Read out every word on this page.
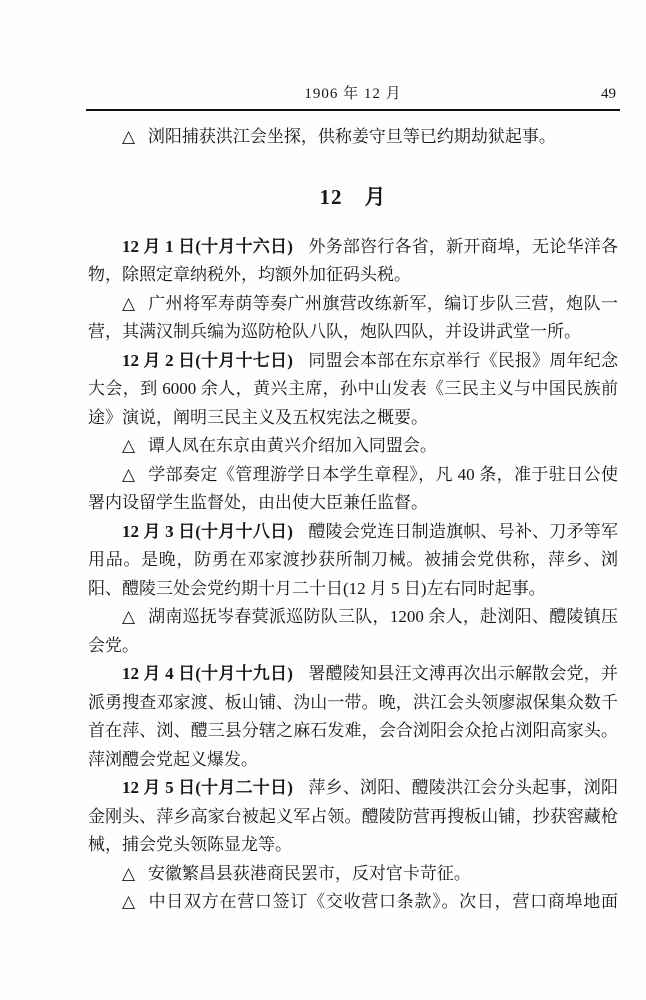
1906 年 12 月	49

△ 浏阳捕获洪江会坐探，供称姜守旦等已约期劫狱起事。

12　月

12 月 1 日(十月十六日) 外务部咨行各省，新开商埠，无论华洋各物，除照定章纳税外，均额外加征码头税。

△ 广州将军寿荫等奏广州旗营改练新军，编订步队三营，炮队一营，其满汉制兵编为巡防枪队八队，炮队四队，并设讲武堂一所。

12 月 2 日(十月十七日) 同盟会本部在东京举行《民报》周年纪念大会，到 6000 余人，黄兴主席，孙中山发表《三民主义与中国民族前途》演说，阐明三民主义及五权宪法之概要。

△ 谭人凤在东京由黄兴介绍加入同盟会。

△ 学部奏定《管理游学日本学生章程》，凡 40 条，准于驻日公使署内设留学生监督处，由出使大臣兼任监督。

12 月 3 日(十月十八日) 醴陵会党连日制造旗帜、号补、刀矛等军用品。是晚，防勇在邓家渡抄获所制刀械。被捕会党供称，萍乡、浏阳、醴陵三处会党约期十月二十日(12 月 5 日)左右同时起事。

△ 湖南巡抚岑春蓂派巡防队三队，1200 余人，赴浏阳、醴陵镇压会党。

12 月 4 日(十月十九日) 署醴陵知县汪文溥再次出示解散会党，并派勇搜查邓家渡、板山铺、沩山一带。晚，洪江会头领廖淑保集众数千首在萍、浏、醴三县分辖之麻石发难，会合浏阳会众抢占浏阳高家头。萍浏醴会党起义爆发。

12 月 5 日(十月二十日) 萍乡、浏阳、醴陵洪江会分头起事，浏阳金刚头、萍乡高家台被起义军占领。醴陵防营再搜板山铺，抄获窖藏枪械，捕会党头领陈显龙等。

△ 安徽繁昌县荻港商民罢市，反对官卡苛征。

△ 中日双方在营口签订《交收营口条款》。次日，营口商埠地面
